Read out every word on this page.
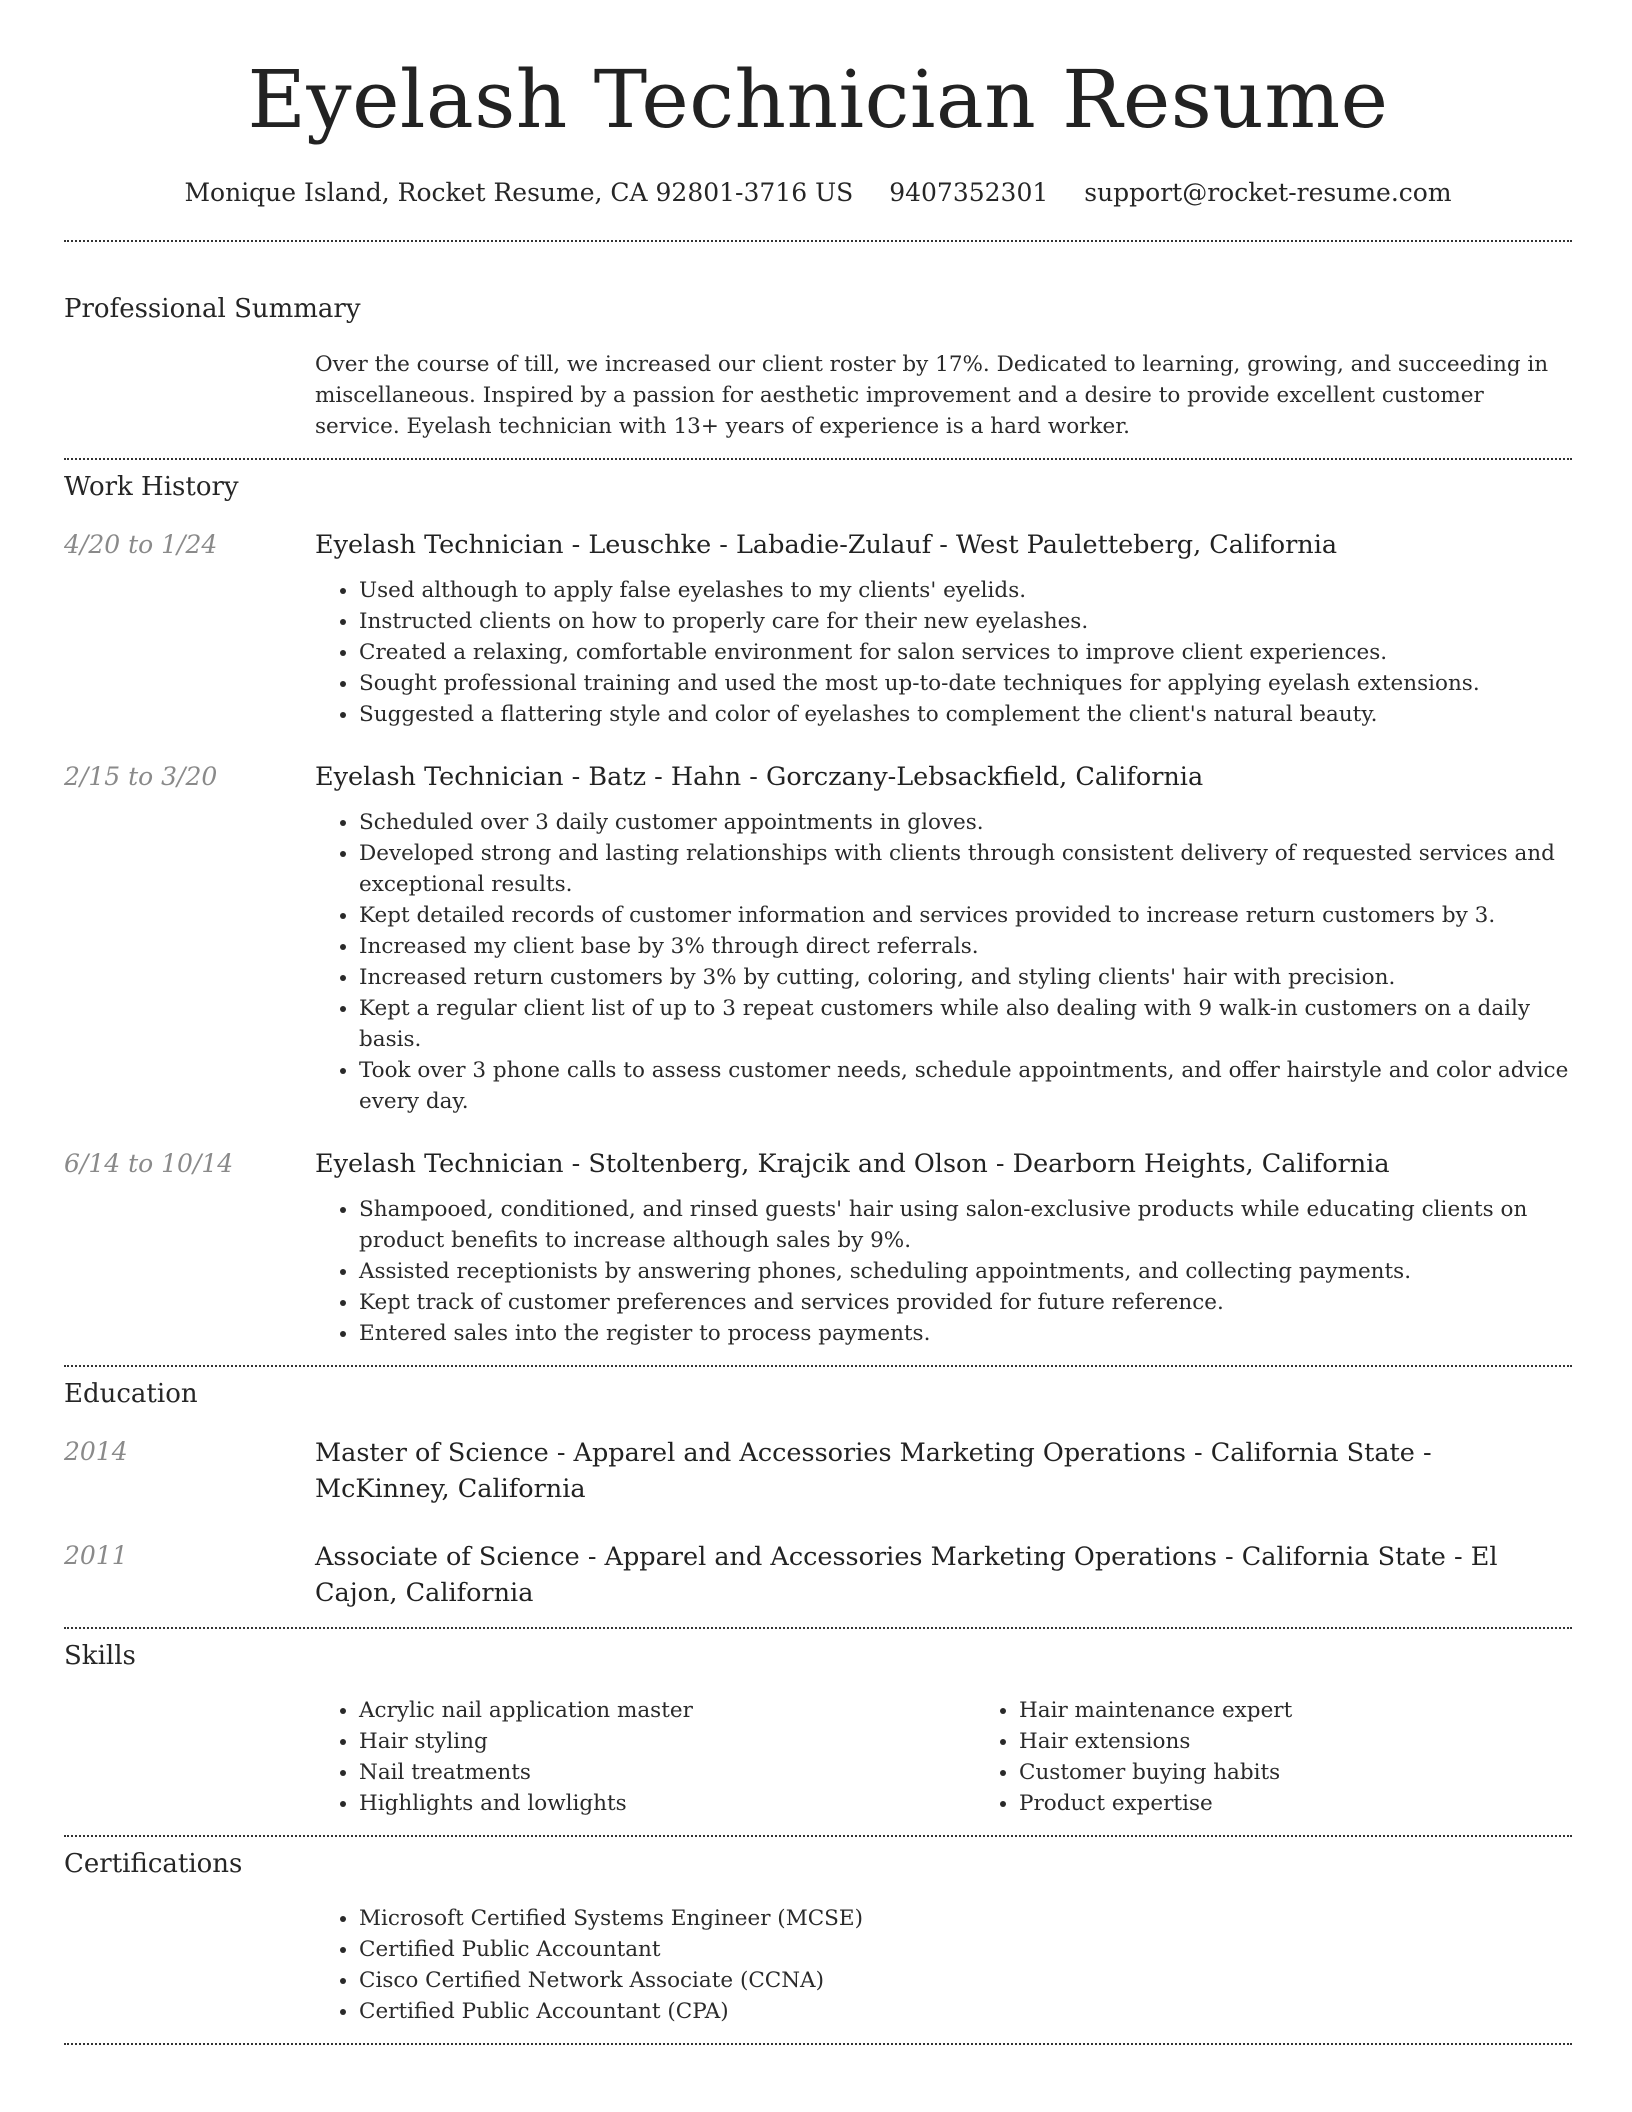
Eyelash Technician Resume
Monique Island, Rocket Resume, CA 92801-3716 US 9407352301 support@rocket-resume.com
Professional Summary
Over the course of till, we increased our client roster by 17%. Dedicated to learning, growing, and succeeding in miscellaneous. Inspired by a passion for aesthetic improvement and a desire to provide excellent customer service. Eyelash technician with 13+ years of experience is a hard worker.
Work History
4/20 to 1/24	Eyelash Technician - Leuschke - Labadie-Zulauf - West Pauletteberg, California
• Used although to apply false eyelashes to my clients' eyelids.
• Instructed clients on how to properly care for their new eyelashes.
• Created a relaxing, comfortable environment for salon services to improve client experiences.
• Sought professional training and used the most up-to-date techniques for applying eyelash extensions.
• Suggested a flattering style and color of eyelashes to complement the client's natural beauty.
2/15 to 3/20	Eyelash Technician - Batz - Hahn - Gorczany-Lebsackfield, California
• Scheduled over 3 daily customer appointments in gloves.
• Developed strong and lasting relationships with clients through consistent delivery of requested services and exceptional results.
• Kept detailed records of customer information and services provided to increase return customers by 3.
• Increased my client base by 3% through direct referrals.
• Increased return customers by 3% by cutting, coloring, and styling clients' hair with precision.
• Kept a regular client list of up to 3 repeat customers while also dealing with 9 walk-in customers on a daily basis.
• Took over 3 phone calls to assess customer needs, schedule appointments, and offer hairstyle and color advice every day.
6/14 to 10/14	Eyelash Technician - Stoltenberg, Krajcik and Olson - Dearborn Heights, California
• Shampooed, conditioned, and rinsed guests' hair using salon-exclusive products while educating clients on product benefits to increase although sales by 9%.
• Assisted receptionists by answering phones, scheduling appointments, and collecting payments.
• Kept track of customer preferences and services provided for future reference.
• Entered sales into the register to process payments.
Education
2014	Master of Science - Apparel and Accessories Marketing Operations - California State - McKinney, California
2011	Associate of Science - Apparel and Accessories Marketing Operations - California State - El Cajon, California
Skills
• Acrylic nail application master
• Hair styling
• Nail treatments
• Highlights and lowlights
• Hair maintenance expert
• Hair extensions
• Customer buying habits
• Product expertise
Certifications
• Microsoft Certified Systems Engineer (MCSE)
• Certified Public Accountant
• Cisco Certified Network Associate (CCNA)
• Certified Public Accountant (CPA)
